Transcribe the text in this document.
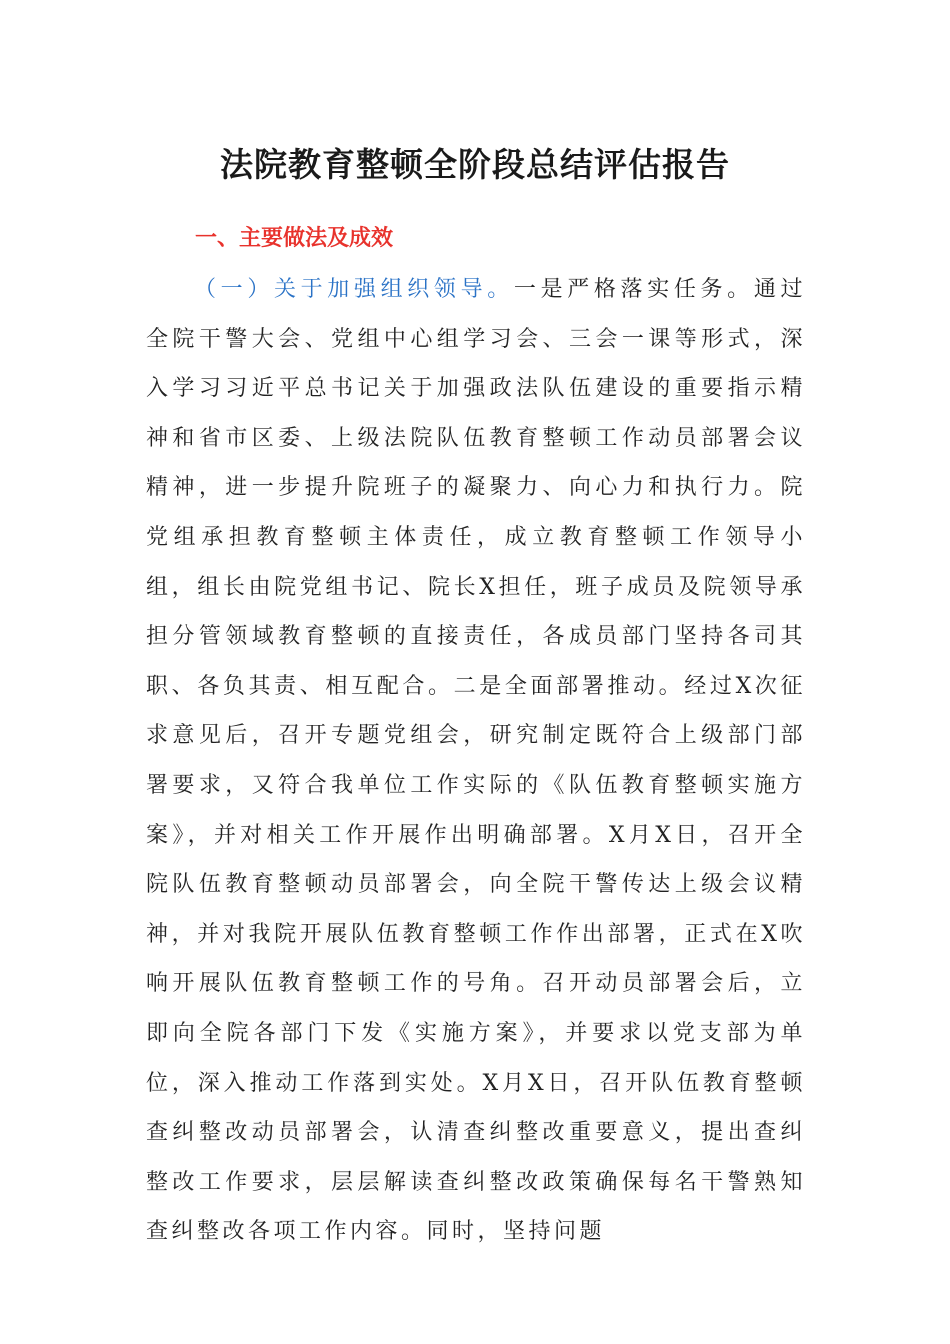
法院教育整顿全阶段总结评估报告
一、主要做法及成效

（一）关于加强组织领导。一是严格落实任务。通过全院干警大会、党组中心组学习会、三会一课等形式，深入学习习近平总书记关于加强政法队伍建设的重要指示精神和省市区委、上级法院队伍教育整顿工作动员部署会议精神，进一步提升院班子的凝聚力、向心力和执行力。院党组承担教育整顿主体责任，成立教育整顿工作领导小组，组长由院党组书记、院长X担任，班子成员及院领导承担分管领域教育整顿的直接责任，各成员部门坚持各司其职、各负其责、相互配合。二是全面部署推动。经过X次征求意见后，召开专题党组会，研究制定既符合上级部门部署要求，又符合我单位工作实际的《队伍教育整顿实施方案》，并对相关工作开展作出明确部署。X月X日，召开全院队伍教育整顿动员部署会，向全院干警传达上级会议精神，并对我院开展队伍教育整顿工作作出部署，正式在X吹响开展队伍教育整顿工作的号角。召开动员部署会后，立即向全院各部门下发《实施方案》，并要求以党支部为单位，深入推动工作落到实处。X月X日，召开队伍教育整顿查纠整改动员部署会，认清查纠整改重要意义，提出查纠整改工作要求，层层解读查纠整改政策确保每名干警熟知查纠整改各项工作内容。同时，坚持问题
